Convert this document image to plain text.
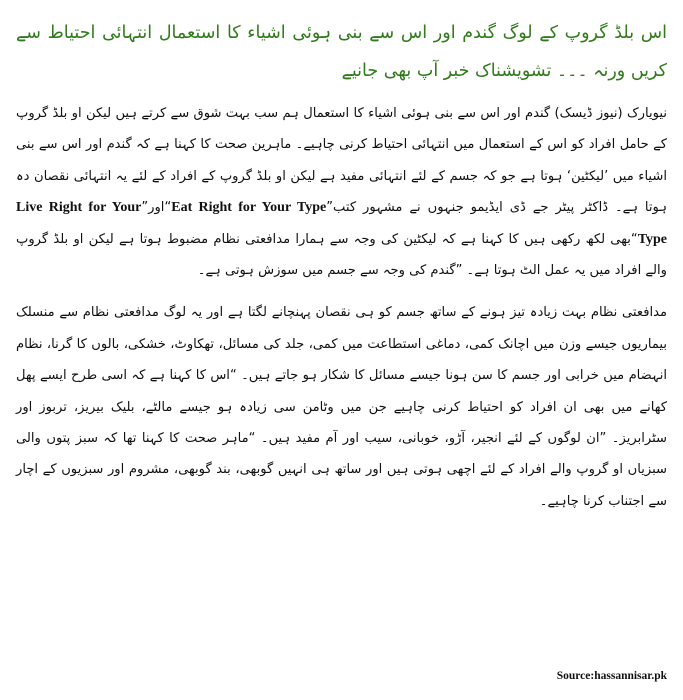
اس بلڈ گروپ کے لوگ گندم اور اس سے بنی ہوئی اشیاء کا استعمال انتہائی احتیاط سے کریں ورنہ ۔۔۔ تشویشناک خبر آپ بھی جانیے

نیویارک (نیوز ڈیسک) گندم اور اس سے بنی ہوئی اشیاء کا استعمال ہم سب بہت شوق سے کرتے ہیں لیکن او بلڈ گروپ کے حامل افراد کو اس کے استعمال میں انتہائی احتیاط کرنی چاہیے۔ ماہرین صحت کا کہنا ہے کہ گندم اور اس سے بنی اشیاء میں ’لیکٹین‘ ہوتا ہے جو کہ جسم کے لئے انتہائی مفید ہے لیکن او بلڈ گروپ کے افراد کے لئے یہ انتہائی نقصان دہ ہوتا ہے۔ ڈاکٹر پیٹر جے ڈی ایڈیمو جنہوں نے مشہور کتب”Eat Right for Your Type“اور”Live Right for Your Type“بھی لکھ رکھی ہیں کا کہنا ہے کہ لیکٹین کی وجہ سے ہمارا مدافعتی نظام مضبوط ہوتا ہے لیکن او بلڈ گروپ والے افراد میں یہ عمل الٹ ہوتا ہے۔ ”گندم کی وجہ سے جسم میں سوزش ہوتی ہے۔

مدافعتی نظام بہت زیادہ تیز ہونے کے ساتھ جسم کو ہی نقصان پہنچانے لگتا ہے اور یہ لوگ مدافعتی نظام سے منسلک بیماریوں جیسے وزن میں اچانک کمی، دماغی استطاعت میں کمی، جلد کی مسائل، تھکاوٹ، خشکی، بالوں کا گرنا، نظام انہضام میں خرابی اور جسم کا سن ہونا جیسے مسائل کا شکار ہو جاتے ہیں۔ “اس کا کہنا ہے کہ اسی طرح ایسے پھل کھانے میں بھی ان افراد کو احتیاط کرنی چاہیے جن میں وٹامن سی زیادہ ہو جیسے مالٹے، بلیک بیریز، تربوز اور سٹرابریز۔ ”ان لوگوں کے لئے انجیر، آڑو، خوبانی، سیب اور آم مفید ہیں۔ “ماہر صحت کا کہنا تھا کہ سبز پتوں والی سبزیاں او گروپ والے افراد کے لئے اچھی ہوتی ہیں اور ساتھ ہی انہیں گوبھی، بند گوبھی، مشروم اور سبزیوں کے اچار سے اجتناب کرنا چاہیے۔

Source:hassannisar.pk
